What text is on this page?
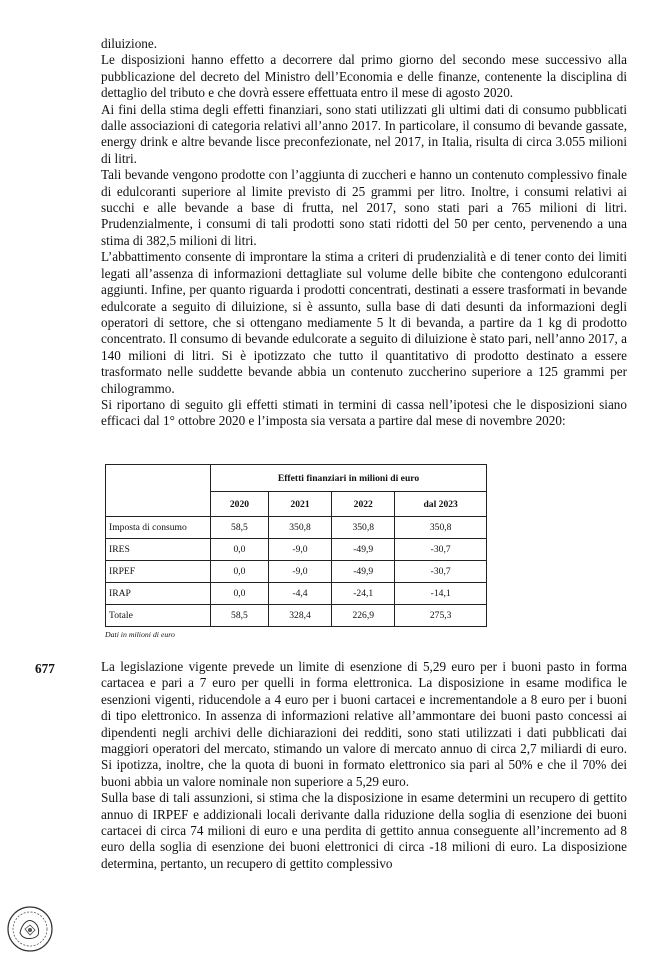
diluizione.

Le disposizioni hanno effetto a decorrere dal primo giorno del secondo mese successivo alla pubblicazione del decreto del Ministro dell’Economia e delle finanze, contenente la disciplina di dettaglio del tributo e che dovrà essere effettuata entro il mese di agosto 2020.

Ai fini della stima degli effetti finanziari, sono stati utilizzati gli ultimi dati di consumo pubblicati dalle associazioni di categoria relativi all’anno 2017. In particolare, il consumo di bevande gassate, energy drink e altre bevande lisce preconfezionate, nel 2017, in Italia, risulta di circa 3.055 milioni di litri.

Tali bevande vengono prodotte con l’aggiunta di zuccheri e hanno un contenuto complessivo finale di edulcoranti superiore al limite previsto di 25 grammi per litro. Inoltre, i consumi relativi ai succhi e alle bevande a base di frutta, nel 2017, sono stati pari a 765 milioni di litri. Prudenzialmente, i consumi di tali prodotti sono stati ridotti del 50 per cento, pervenendo a una stima di 382,5 milioni di litri.

L’abbattimento consente di improntare la stima a criteri di prudenzialità e di tener conto dei limiti legati all’assenza di informazioni dettagliate sul volume delle bibite che contengono edulcoranti aggiunti. Infine, per quanto riguarda i prodotti concentrati, destinati a essere trasformati in bevande edulcorate a seguito di diluizione, si è assunto, sulla base di dati desunti da informazioni degli operatori di settore, che si ottengano mediamente 5 lt di bevanda, a partire da 1 kg di prodotto concentrato. Il consumo di bevande edulcorate a seguito di diluizione è stato pari, nell’anno 2017, a 140 milioni di litri. Si è ipotizzato che tutto il quantitativo di prodotto destinato a essere trasformato nelle suddette bevande abbia un contenuto zuccherino superiore a 125 grammi per chilogrammo.

Si riportano di seguito gli effetti stimati in termini di cassa nell’ipotesi che le disposizioni siano efficaci dal 1° ottobre 2020 e l’imposta sia versata a partire dal mese di novembre 2020:

	Effetti finanziari in milioni di euro			
	2020	2021	2022	dal 2023
Imposta di consumo	58,5	350,8	350,8	350,8
IRES	0,0	-9,0	-49,9	-30,7
IRPEF	0,0	-9,0	-49,9	-30,7
IRAP	0,0	-4,4	-24,1	-14,1
Totale	58,5	328,4	226,9	275,3
Dati in milioni di euro
677	La legislazione vigente prevede un limite di esenzione di 5,29 euro per i buoni pasto in forma cartacea e pari a 7 euro per quelli in forma elettronica. La disposizione in esame modifica le esenzioni vigenti, riducendole a 4 euro per i buoni cartacei e incrementandole a 8 euro per i buoni di tipo elettronico. In assenza di informazioni relative all’ammontare dei buoni pasto concessi ai dipendenti negli archivi delle dichiarazioni dei redditi, sono stati utilizzati i dati pubblicati dai maggiori operatori del mercato, stimando un valore di mercato annuo di circa 2,7 miliardi di euro. Si ipotizza, inoltre, che la quota di buoni in formato elettronico sia pari al 50% e che il 70% dei buoni abbia un valore nominale non superiore a 5,29 euro.

Sulla base di tali assunzioni, si stima che la disposizione in esame determini un recupero di gettito annuo di IRPEF e addizionali locali derivante dalla riduzione della soglia di esenzione dei buoni cartacei di circa 74 milioni di euro e una perdita di gettito annua conseguente all’incremento ad 8 euro della soglia di esenzione dei buoni elettronici di circa -18 milioni di euro. La disposizione determina, pertanto, un recupero di gettito complessivo
